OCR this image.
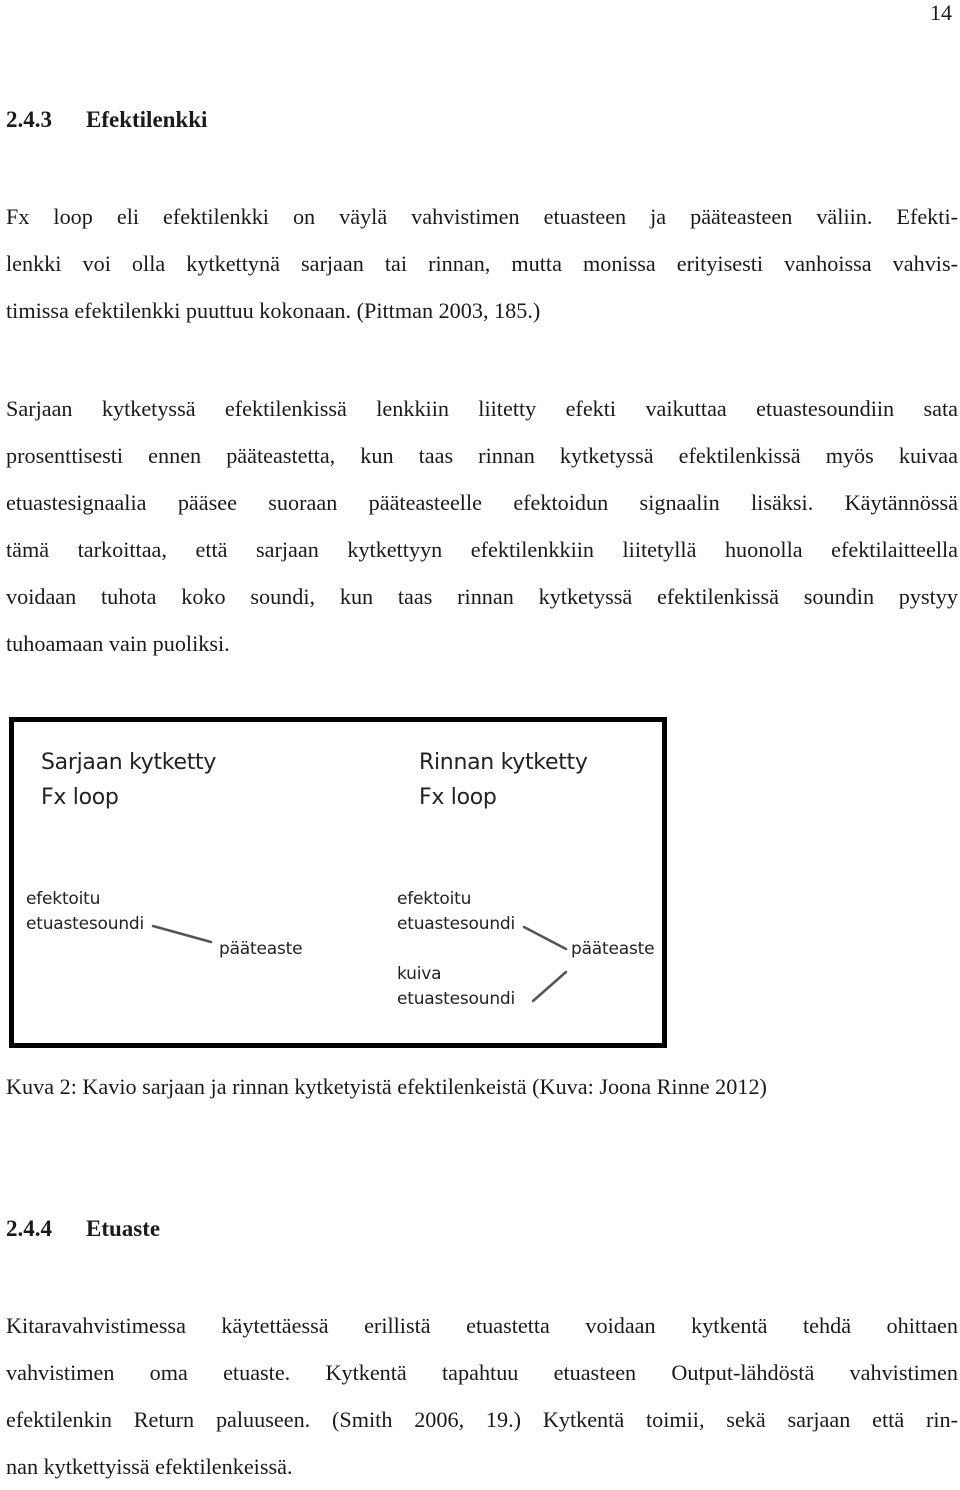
14
2.4.3 Efektilenkki
Fx loop eli efektilenkki on väylä vahvistimen etuasteen ja pääteasteen väliin. Efekti-
lenkki voi olla kytkettynä sarjaan tai rinnan, mutta monissa erityisesti vanhoissa vahvis-
timissa efektilenkki puuttuu kokonaan. (Pittman 2003, 185.)
Sarjaan kytketyssä efektilenkissä lenkkiin liitetty efekti vaikuttaa etuastesoundiin sata
prosenttisesti ennen pääteastetta, kun taas rinnan kytketyssä efektilenkissä myös kuivaa
etuastesignaalia pääsee suoraan pääteasteelle efektoidun signaalin lisäksi. Käytännössä
tämä tarkoittaa, että sarjaan kytkettyyn efektilenkkiin liitetyllä huonolla efektilaitteella
voidaan tuhota koko soundi, kun taas rinnan kytketyssä efektilenkissä soundin pystyy
tuhoamaan vain puoliksi.
Sarjaan kytketty
Fx loop
Rinnan kytketty
Fx loop
efektoitu
etuastesoundi
pääteaste
efektoitu
etuastesoundi
pääteaste
kuiva
etuastesoundi
Kuva 2: Kavio sarjaan ja rinnan kytketyistä efektilenkeistä (Kuva: Joona Rinne 2012)
2.4.4 Etuaste
Kitaravahvistimessa käytettäessä erillistä etuastetta voidaan kytkentä tehdä ohittaen
vahvistimen oma etuaste. Kytkentä tapahtuu etuasteen Output-lähdöstä vahvistimen
efektilenkin Return paluuseen. (Smith 2006, 19.) Kytkentä toimii, sekä sarjaan että rin-
nan kytkettyissä efektilenkeissä.
